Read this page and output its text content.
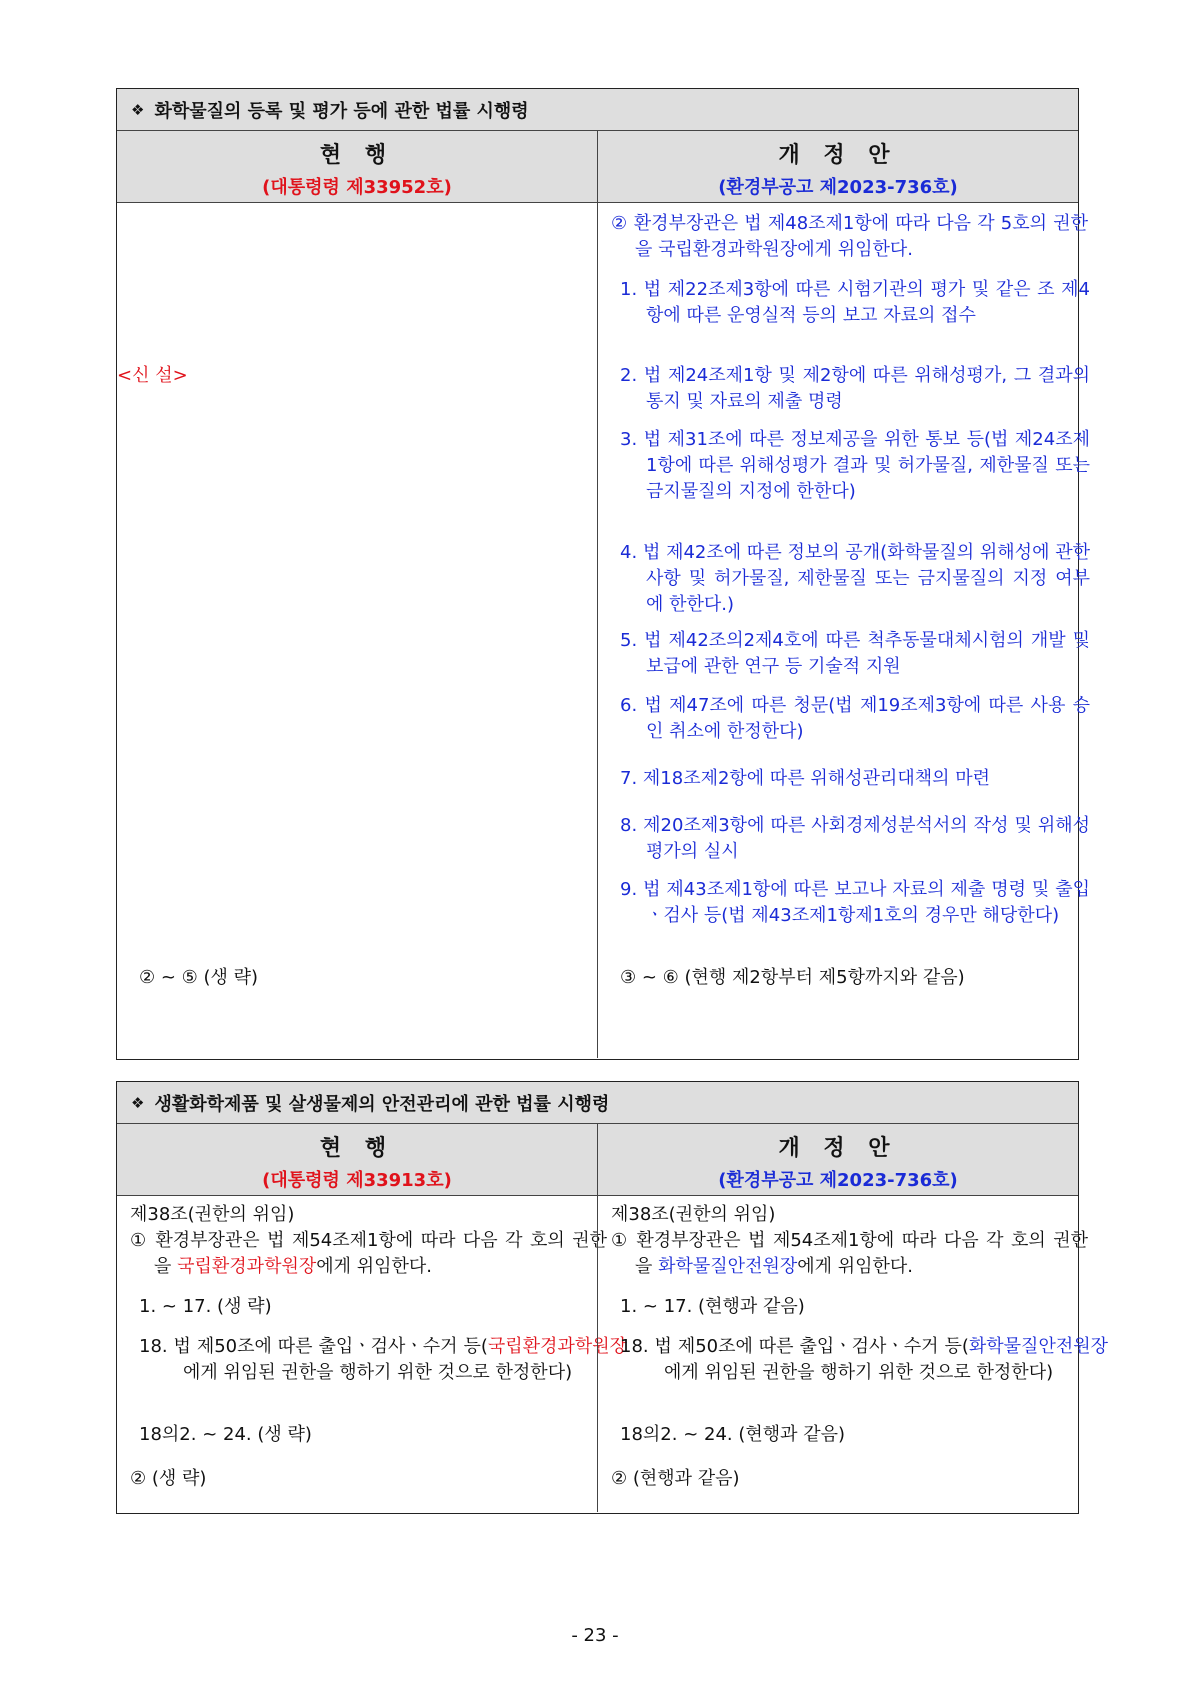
❖ 화학물질의 등록 및 평가 등에 관한 법률 시행령
현 행
(대통령령 제33952호)
개 정 안
(환경부공고 제2023-736호)
<신 설>
② ~ ⑤ (생 략)
② 환경부장관은 법 제48조제1항에 따라 다음 각 5호의 권한을 국립환경과학원장에게 위임한다.
1. 법 제22조제3항에 따른 시험기관의 평가 및 같은 조 제4항에 따른 운영실적 등의 보고 자료의 접수
2. 법 제24조제1항 및 제2항에 따른 위해성평가, 그 결과의 통지 및 자료의 제출 명령
3. 법 제31조에 따른 정보제공을 위한 통보 등(법 제24조제1항에 따른 위해성평가 결과 및 허가물질, 제한물질 또는 금지물질의 지정에 한한다)
4. 법 제42조에 따른 정보의 공개(화학물질의 위해성에 관한 사항 및 허가물질, 제한물질 또는 금지물질의 지정 여부에 한한다.)
5. 법 제42조의2제4호에 따른 척추동물대체시험의 개발 및 보급에 관한 연구 등 기술적 지원
6. 법 제47조에 따른 청문(법 제19조제3항에 따른 사용 승인 취소에 한정한다)
7. 제18조제2항에 따른 위해성관리대책의 마련
8. 제20조제3항에 따른 사회경제성분석서의 작성 및 위해성평가의 실시
9. 법 제43조제1항에 따른 보고나 자료의 제출 명령 및 출입ㆍ검사 등(법 제43조제1항제1호의 경우만 해당한다)
③ ~ ⑥ (현행 제2항부터 제5항까지와 같음)
❖ 생활화학제품 및 살생물제의 안전관리에 관한 법률 시행령
현 행
(대통령령 제33913호)
개 정 안
(환경부공고 제2023-736호)
제38조(권한의 위임)
① 환경부장관은 법 제54조제1항에 따라 다음 각 호의 권한을 국립환경과학원장에게 위임한다.
1. ~ 17. (생 략)
18. 법 제50조에 따른 출입ㆍ검사ㆍ수거 등(국립환경과학원장에게 위임된 권한을 행하기 위한 것으로 한정한다)
18의2. ~ 24. (생 략)
② (생 략)
제38조(권한의 위임)
① 환경부장관은 법 제54조제1항에 따라 다음 각 호의 권한을 화학물질안전원장에게 위임한다.
1. ~ 17. (현행과 같음)
18. 법 제50조에 따른 출입ㆍ검사ㆍ수거 등(화학물질안전원장에게 위임된 권한을 행하기 위한 것으로 한정한다)
18의2. ~ 24. (현행과 같음)
② (현행과 같음)
- 23 -
